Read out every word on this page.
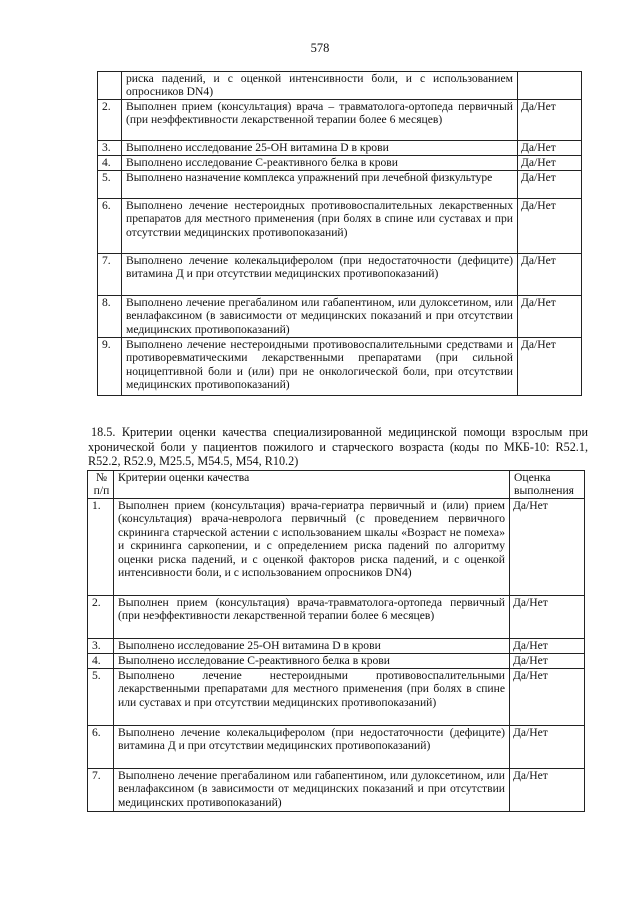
578
	риска падений, и с оценкой интенсивности боли, и с использованием опросников DN4)	
2.	Выполнен прием (консультация) врача – травматолога-ортопеда первичный (при неэффективности лекарственной терапии более 6 месяцев)	Да/Нет
3.	Выполнено исследование 25-ОН витамина D в крови	Да/Нет
4.	Выполнено исследование С-реактивного белка в крови	Да/Нет
5.	Выполнено назначение комплекса упражнений при лечебной физкультуре	Да/Нет
6.	Выполнено лечение нестероидных противовоспалительных лекарственных препаратов для местного применения (при болях в спине или суставах и при отсутствии медицинских противопоказаний)	Да/Нет
7.	Выполнено лечение колекальциферолом (при недостаточности (дефиците) витамина Д и при отсутствии медицинских противопоказаний)	Да/Нет
8.	Выполнено лечение прегабалином или габапентином, или дулоксетином, или венлафаксином (в зависимости от медицинских показаний и при отсутствии медицинских противопоказаний)	Да/Нет
9.	Выполнено лечение нестероидными противовоспалительными средствами и противоревматическими лекарственными препаратами (при сильной ноцицептивной боли и (или) при не онкологической боли, при отсутствии медицинских противопоказаний)	Да/Нет
18.5. Критерии оценки качества специализированной медицинской помощи взрослым при хронической боли у пациентов пожилого и старческого возраста (коды по МКБ-10: R52.1, R52.2, R52.9, M25.5, M54.5, M54, R10.2)
№ п/п	Критерии оценки качества	Оценка выполнения
1.	Выполнен прием (консультация) врача-гериатра первичный и (или) прием (консультация) врача-невролога первичный (с проведением первичного скрининга старческой астении с использованием шкалы «Возраст не помеха» и скрининга саркопении, и с определением риска падений по алгоритму оценки риска падений, и с оценкой факторов риска падений, и с оценкой интенсивности боли, и с использованием опросников DN4)	Да/Нет
2.	Выполнен прием (консультация) врача-травматолога-ортопеда первичный (при неэффективности лекарственной терапии более 6 месяцев)	Да/Нет
3.	Выполнено исследование 25-ОН витамина D в крови	Да/Нет
4.	Выполнено исследование С-реактивного белка в крови	Да/Нет
5.	Выполнено лечение нестероидными противовоспалительными лекарственными препаратами для местного применения (при болях в спине или суставах и при отсутствии медицинских противопоказаний)	Да/Нет
6.	Выполнено лечение колекальциферолом (при недостаточности (дефиците) витамина Д и при отсутствии медицинских противопоказаний)	Да/Нет
7.	Выполнено лечение прегабалином или габапентином, или дулоксетином, или венлафаксином (в зависимости от медицинских показаний и при отсутствии медицинских противопоказаний)	Да/Нет
